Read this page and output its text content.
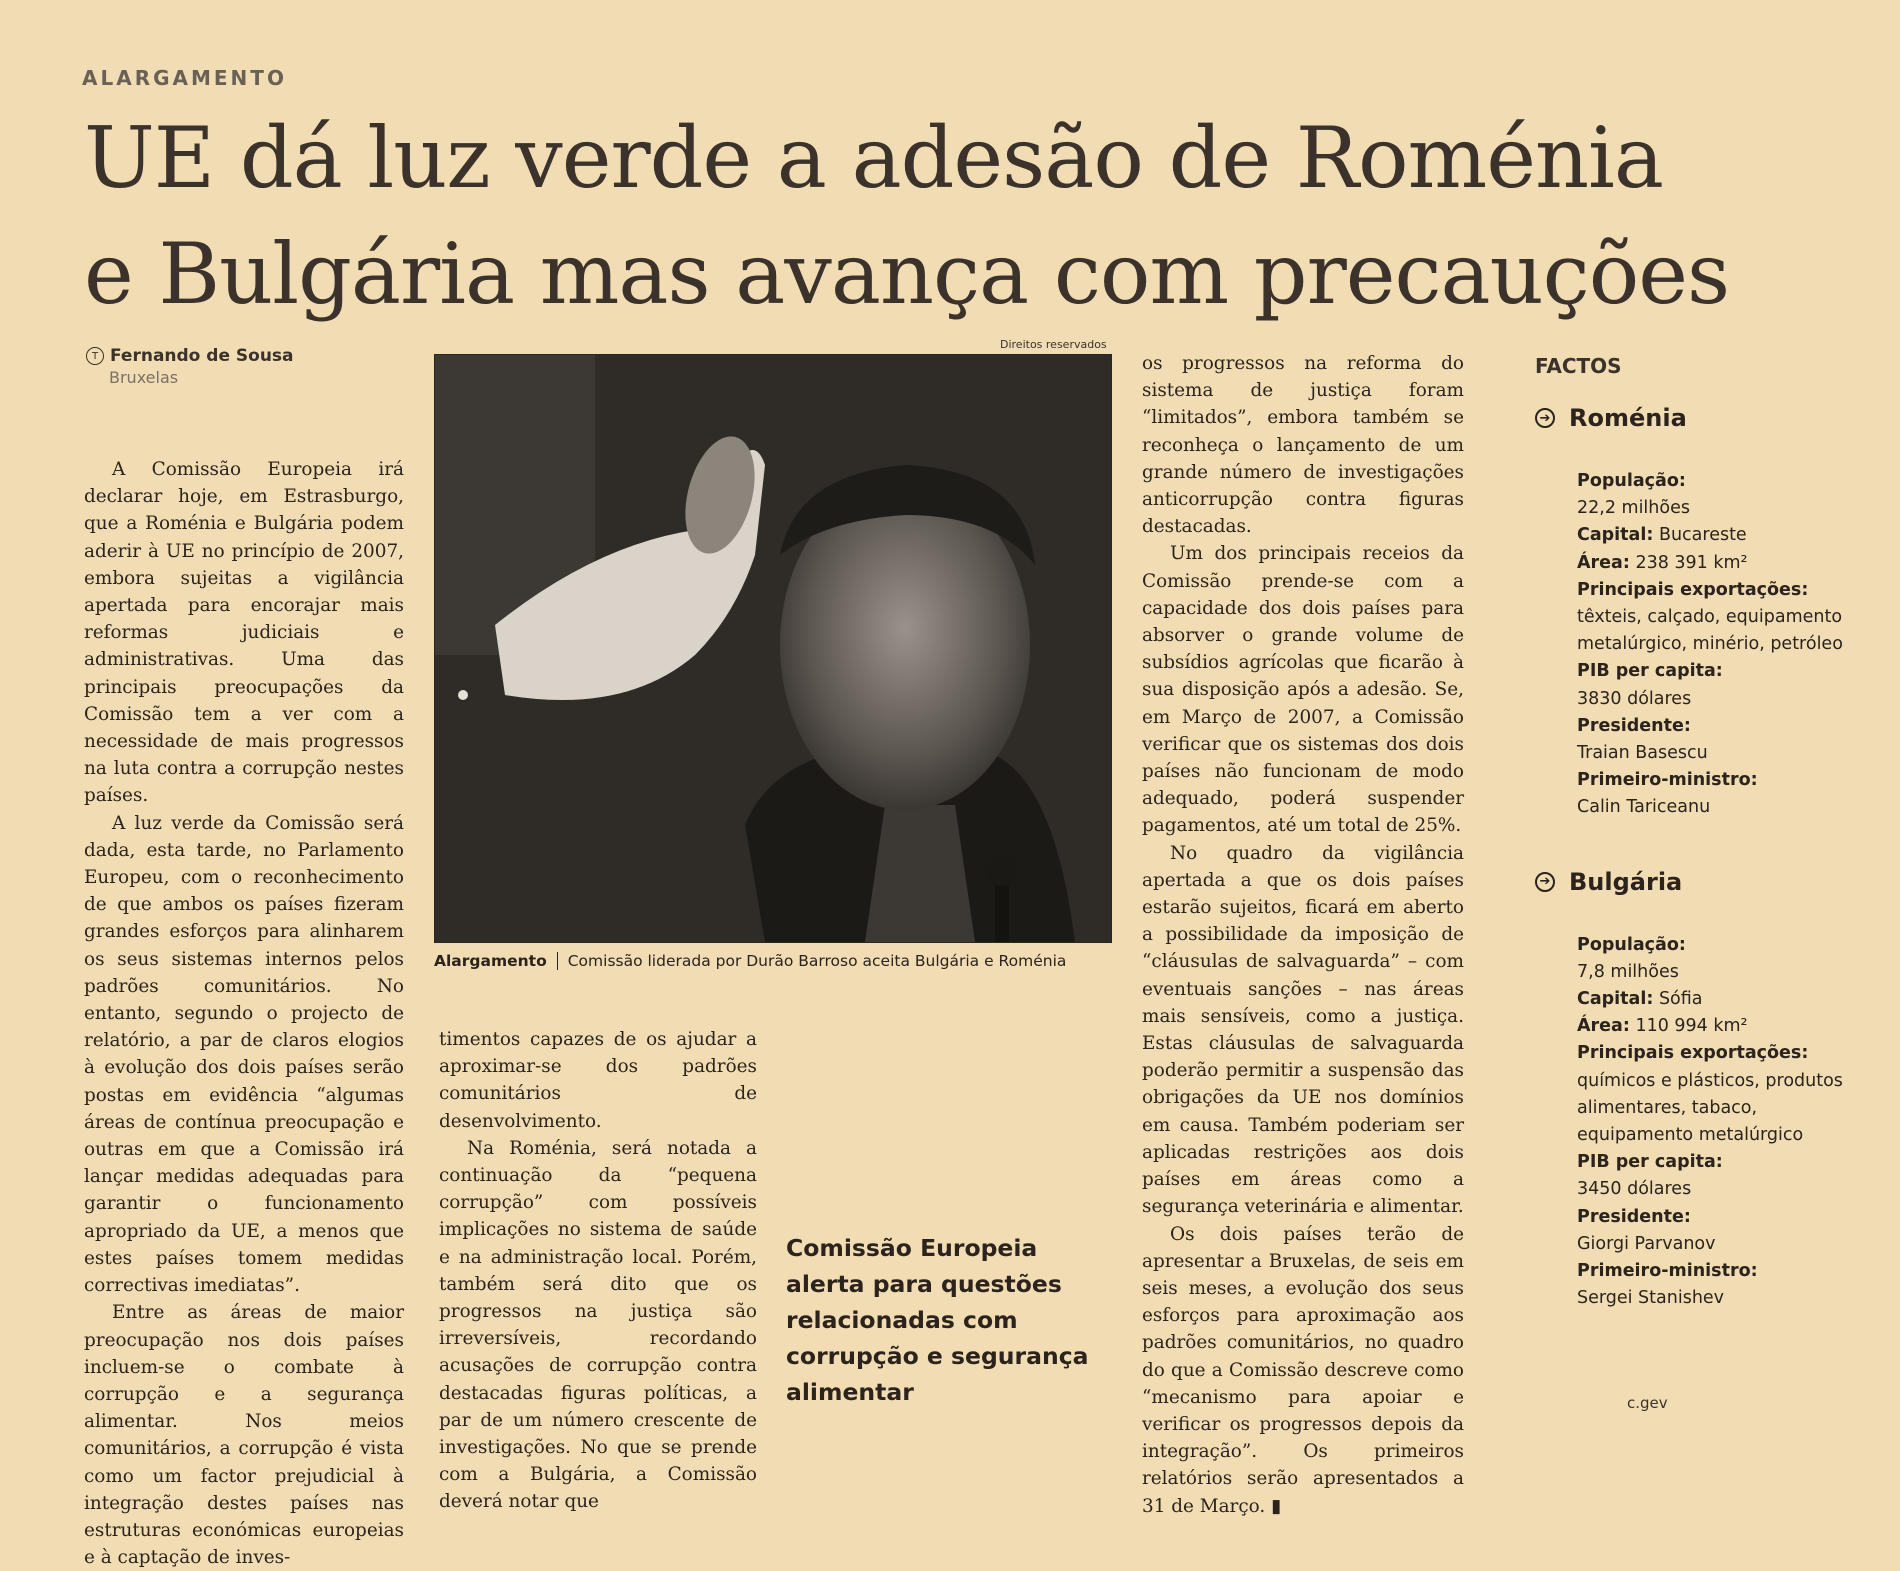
ALARGAMENTO
UE dá luz verde a adesão de Roménia
e Bulgária mas avança com precauções
T Fernando de Sousa
Bruxelas

A Comissão Europeia irá declarar hoje, em Estrasburgo, que a Roménia e Bulgária podem aderir à UE no princípio de 2007, embora sujeitas a vigilância apertada para encorajar mais reformas judiciais e administrativas. Uma das principais preocupações da Comissão tem a ver com a necessidade de mais progressos na luta contra a corrupção nestes países.

A luz verde da Comissão será dada, esta tarde, no Parlamento Europeu, com o reconhecimento de que ambos os países fizeram grandes esforços para alinharem os seus sistemas internos pelos padrões comunitários. No entanto, segundo o projecto de relatório, a par de claros elogios à evolução dos dois países serão postas em evidência “algumas áreas de contínua preocupação e outras em que a Comissão irá lançar medidas adequadas para garantir o funcionamento apropriado da UE, a menos que estes países tomem medidas correctivas imediatas”.

Entre as áreas de maior preocupação nos dois países incluem-se o combate à corrupção e a segurança alimentar. Nos meios comunitários, a corrupção é vista como um factor prejudicial à integração destes países nas estruturas económicas europeias e à captação de inves-

Direitos reservados
Alargamento	Comissão liderada por Durão Barroso aceita Bulgária e Roménia

timentos capazes de os ajudar a aproximar-se dos padrões comunitários de desenvolvimento.

Na Roménia, será notada a continuação da “pequena corrupção” com possíveis implicações no sistema de saúde e na administração local. Porém, também será dito que os progressos na justiça são irreversíveis, recordando acusações de corrupção contra destacadas figuras políticas, a par de um número crescente de investigações. No que se prende com a Bulgária, a Comissão deverá notar que

Comissão Europeia alerta para questões relacionadas com corrupção e segurança alimentar

os progressos na reforma do sistema de justiça foram “limitados”, embora também se reconheça o lançamento de um grande número de investigações anticorrupção contra figuras destacadas.

Um dos principais receios da Comissão prende-se com a capacidade dos dois países para absorver o grande volume de subsídios agrícolas que ficarão à sua disposição após a adesão. Se, em Março de 2007, a Comissão verificar que os sistemas dos dois países não funcionam de modo adequado, poderá suspender pagamentos, até um total de 25%.

No quadro da vigilância apertada a que os dois países estarão sujeitos, ficará em aberto a possibilidade da imposição de “cláusulas de salvaguarda” – com eventuais sanções – nas áreas mais sensíveis, como a justiça. Estas cláusulas de salvaguarda poderão permitir a suspensão das obrigações da UE nos domínios em causa. Também poderiam ser aplicadas restrições aos dois países em áreas como a segurança veterinária e alimentar.

Os dois países terão de apresentar a Bruxelas, de seis em seis meses, a evolução dos seus esforços para aproximação aos padrões comunitários, no quadro do que a Comissão descreve como “mecanismo para apoiar e verificar os progressos depois da integração”. Os primeiros relatórios serão apresentados a 31 de Março. ▮

FACTOS
➔ Roménia
População:
22,2 milhões
Capital: Bucareste
Área: 238 391 km²
Principais exportações:
têxteis, calçado, equipamento metalúrgico, minério, petróleo
PIB per capita:
3830 dólares
Presidente:
Traian Basescu
Primeiro-ministro:
Calin Tariceanu
➔ Bulgária
População:
7,8 milhões
Capital: Sófia
Área: 110 994 km²
Principais exportações:
químicos e plásticos, produtos alimentares, tabaco, equipamento metalúrgico
PIB per capita:
3450 dólares
Presidente:
Giorgi Parvanov
Primeiro-ministro:
Sergei Stanishev
c.gev
